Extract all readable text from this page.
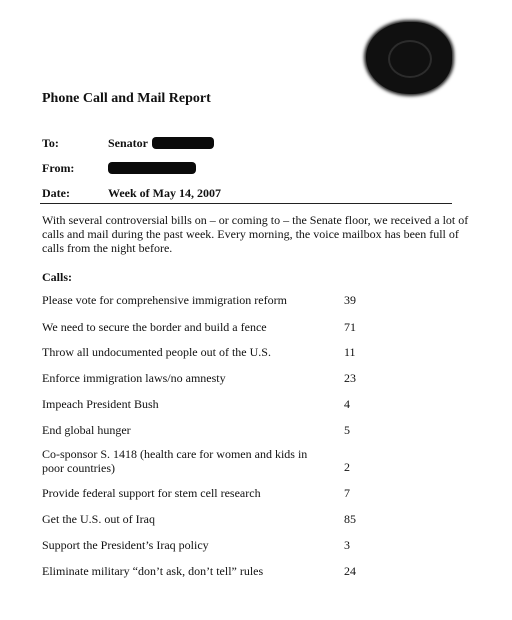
Phone Call and Mail Report
To:	Senator
From:
Date:	Week of May 14, 2007
With several controversial bills on – or coming to – the Senate floor, we received a lot of
calls and mail during the past week. Every morning, the voice mailbox has been full of
calls from the night before.
Calls:
Please vote for comprehensive immigration reform	39
We need to secure the border and build a fence	71
Throw all undocumented people out of the U.S.	11
Enforce immigration laws/no amnesty	23
Impeach President Bush	4
End global hunger	5
Co-sponsor S. 1418 (health care for women and kids in
poor countries)	2
Provide federal support for stem cell research	7
Get the U.S. out of Iraq	85
Support the President’s Iraq policy	3
Eliminate military “don’t ask, don’t tell” rules	24
